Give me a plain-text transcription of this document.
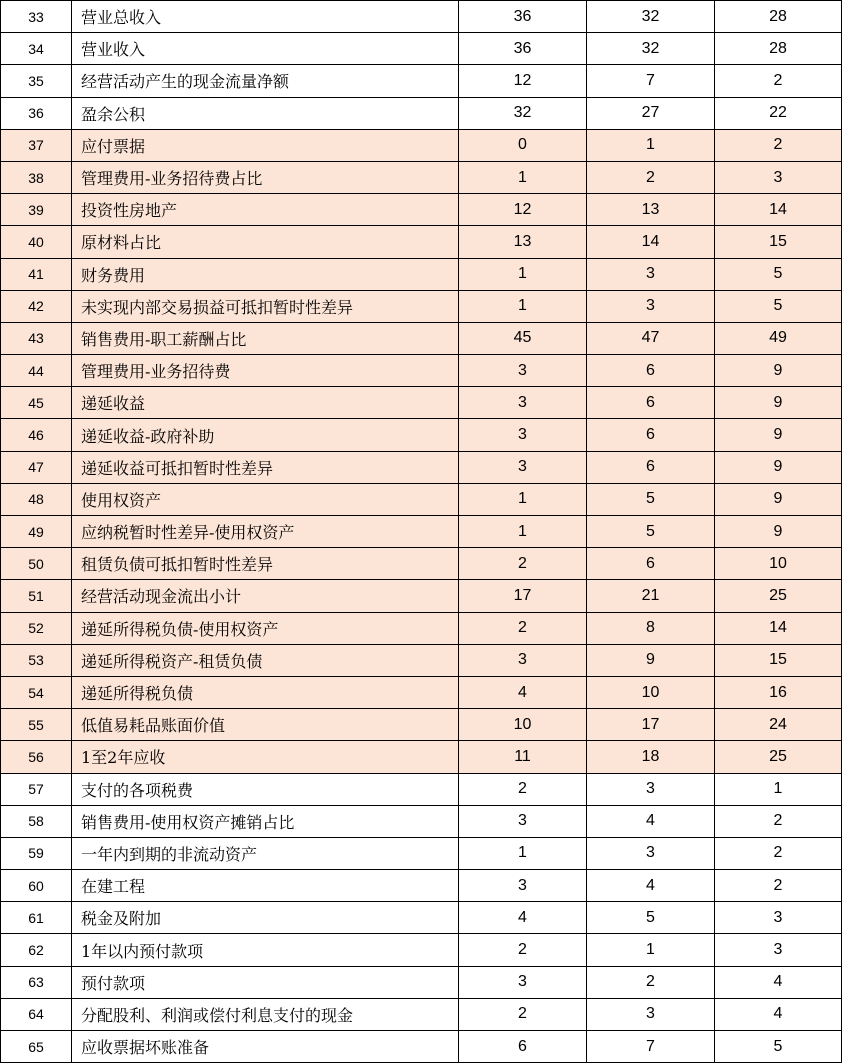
33	营业总收入	36	32	28
34	营业收入	36	32	28
35	经营活动产生的现金流量净额	12	7	2
36	盈余公积	32	27	22
37	应付票据	0	1	2
38	管理费用-业务招待费占比	1	2	3
39	投资性房地产	12	13	14
40	原材料占比	13	14	15
41	财务费用	1	3	5
42	未实现内部交易损益可抵扣暂时性差异	1	3	5
43	销售费用-职工薪酬占比	45	47	49
44	管理费用-业务招待费	3	6	9
45	递延收益	3	6	9
46	递延收益-政府补助	3	6	9
47	递延收益可抵扣暂时性差异	3	6	9
48	使用权资产	1	5	9
49	应纳税暂时性差异-使用权资产	1	5	9
50	租赁负债可抵扣暂时性差异	2	6	10
51	经营活动现金流出小计	17	21	25
52	递延所得税负债-使用权资产	2	8	14
53	递延所得税资产-租赁负债	3	9	15
54	递延所得税负债	4	10	16
55	低值易耗品账面价值	10	17	24
56	1至2年应收	11	18	25
57	支付的各项税费	2	3	1
58	销售费用-使用权资产摊销占比	3	4	2
59	一年内到期的非流动资产	1	3	2
60	在建工程	3	4	2
61	税金及附加	4	5	3
62	1年以内预付款项	2	1	3
63	预付款项	3	2	4
64	分配股利、利润或偿付利息支付的现金	2	3	4
65	应收票据坏账准备	6	7	5
